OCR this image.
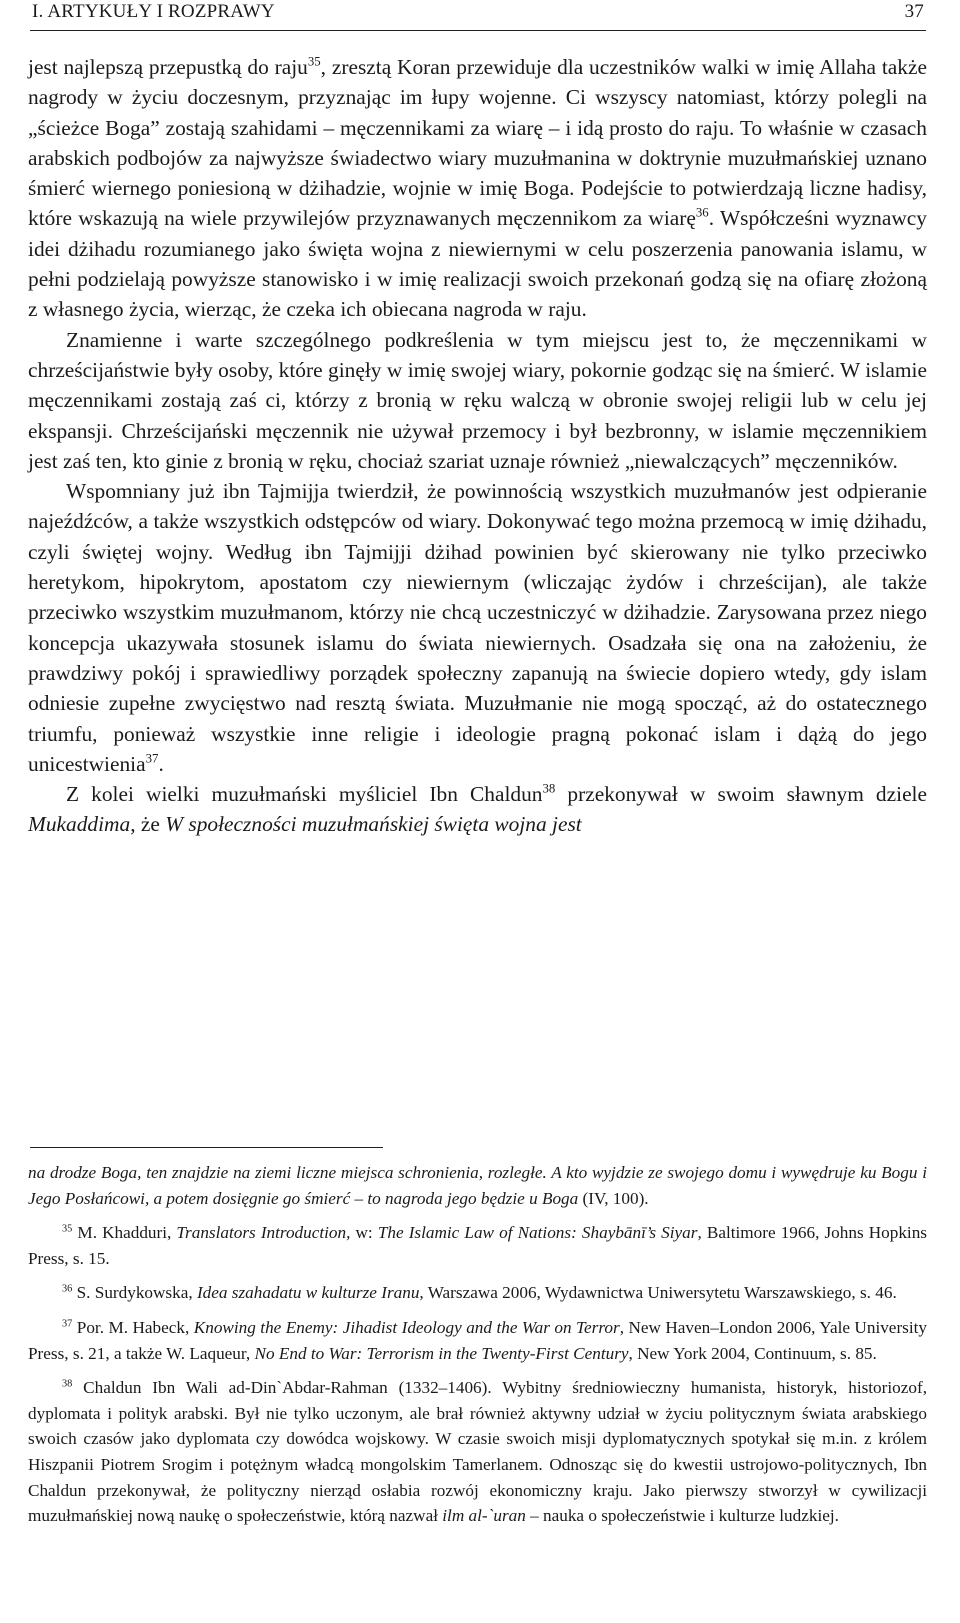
I. ARTYKUŁY I ROZPRAWY	37

jest najlepszą przepustką do raju$^{35}$, zresztą Koran przewiduje dla uczestników walki w imię Allaha także nagrody w życiu doczesnym, przyznając im łupy wojenne. Ci wszyscy natomiast, którzy polegli na „ścieżce Boga” zostają szahidami – męczennikami za wiarę – i idą prosto do raju. To właśnie w czasach arabskich podbojów za najwyższe świadectwo wiary muzułmanina w doktrynie muzułmańskiej uznano śmierć wiernego poniesioną w dżihadzie, wojnie w imię Boga. Podejście to potwierdzają liczne hadisy, które wskazują na wiele przywilejów przyznawanych męczennikom za wiarę$^{36}$. Współcześni wyznawcy idei dżihadu rozumianego jako święta wojna z niewiernymi w celu poszerzenia panowania islamu, w pełni podzielają powyższe stanowisko i w imię realizacji swoich przekonań godzą się na ofiarę złożoną z własnego życia, wierząc, że czeka ich obiecana nagroda w raju.

Znamienne i warte szczególnego podkreślenia w tym miejscu jest to, że męczennikami w chrześcijaństwie były osoby, które ginęły w imię swojej wiary, pokornie godząc się na śmierć. W islamie męczennikami zostają zaś ci, którzy z bronią w ręku walczą w obronie swojej religii lub w celu jej ekspansji. Chrześcijański męczennik nie używał przemocy i był bezbronny, w islamie męczennikiem jest zaś ten, kto ginie z bronią w ręku, chociaż szariat uznaje również „niewalczących” męczenników.

Wspomniany już ibn Tajmijja twierdził, że powinnością wszystkich muzułmanów jest odpieranie najeźdźców, a także wszystkich odstępców od wiary. Dokonywać tego można przemocą w imię dżihadu, czyli świętej wojny. Według ibn Tajmijji dżihad powinien być skierowany nie tylko przeciwko heretykom, hipokrytom, apostatom czy niewiernym (wliczając żydów i chrześcijan), ale także przeciwko wszystkim muzułmanom, którzy nie chcą uczestniczyć w dżihadzie. Zarysowana przez niego koncepcja ukazywała stosunek islamu do świata niewiernych. Osadzała się ona na założeniu, że prawdziwy pokój i sprawiedliwy porządek społeczny zapanują na świecie dopiero wtedy, gdy islam odniesie zupełne zwycięstwo nad resztą świata. Muzułmanie nie mogą spocząć, aż do ostatecznego triumfu, ponieważ wszystkie inne religie i ideologie pragną pokonać islam i dążą do jego unicestwienia$^{37}$.

Z kolei wielki muzułmański myśliciel Ibn Chaldun$^{38}$ przekonywał w swoim sławnym dziele Mukaddima, że W społeczności muzułmańskiej święta wojna jest

na drodze Boga, ten znajdzie na ziemi liczne miejsca schronienia, rozległe. A kto wyjdzie ze swojego domu i wywędruje ku Bogu i Jego Posłańcowi, a potem dosięgnie go śmierć – to nagroda jego będzie u Boga (IV, 100).

$^{35}$ M. Khadduri, Translators Introduction, w: The Islamic Law of Nations: Shaybānī’s Siyar, Baltimore 1966, Johns Hopkins Press, s. 15.

$^{36}$ S. Surdykowska, Idea szahadatu w kulturze Iranu, Warszawa 2006, Wydawnictwa Uniwersytetu Warszawskiego, s. 46.

$^{37}$ Por. M. Habeck, Knowing the Enemy: Jihadist Ideology and the War on Terror, New Haven–London 2006, Yale University Press, s. 21, a także W. Laqueur, No End to War: Terrorism in the Twenty-First Century, New York 2004, Continuum, s. 85.

$^{38}$ Chaldun Ibn Wali ad-Din`Abdar-Rahman (1332–1406). Wybitny średniowieczny humanista, historyk, historiozof, dyplomata i polityk arabski. Był nie tylko uczonym, ale brał również aktywny udział w życiu politycznym świata arabskiego swoich czasów jako dyplomata czy dowódca wojskowy. W czasie swoich misji dyplomatycznych spotykał się m.in. z królem Hiszpanii Piotrem Srogim i potężnym władcą mongolskim Tamerlanem. Odnosząc się do kwestii ustrojowo-politycznych, Ibn Chaldun przekonywał, że polityczny nierząd osłabia rozwój ekonomiczny kraju. Jako pierwszy stworzył w cywilizacji muzułmańskiej nową naukę o społeczeństwie, którą nazwał ilm al-`uran – nauka o społeczeństwie i kulturze ludzkiej.
